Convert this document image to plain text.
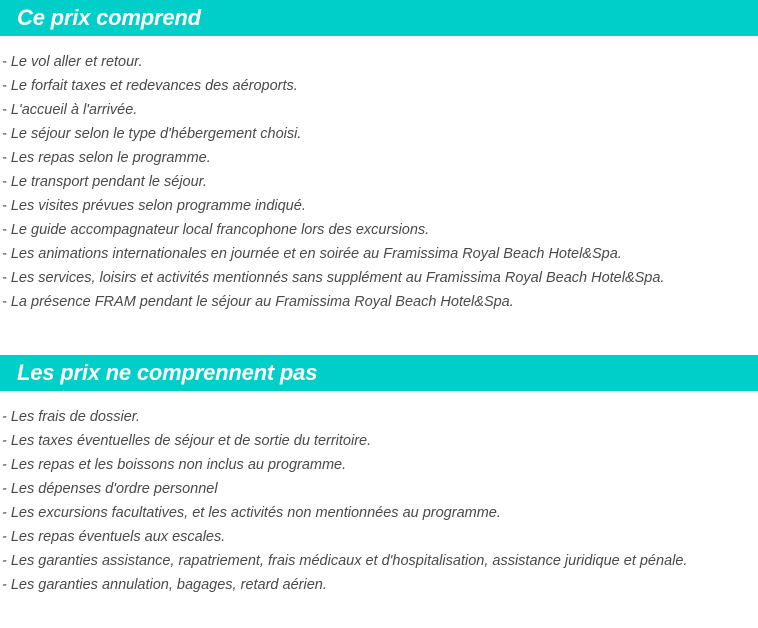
Ce prix comprend
- Le vol aller et retour.
- Le forfait taxes et redevances des aéroports.
- L'accueil à l'arrivée.
- Le séjour selon le type d'hébergement choisi.
- Les repas selon le programme.
- Le transport pendant le séjour.
- Les visites prévues selon programme indiqué.
- Le guide accompagnateur local francophone lors des excursions.
- Les animations internationales en journée et en soirée au Framissima Royal Beach Hotel&Spa.
- Les services, loisirs et activités mentionnés sans supplément au Framissima Royal Beach Hotel&Spa.
- La présence FRAM pendant le séjour au Framissima Royal Beach Hotel&Spa.
Les prix ne comprennent pas
- Les frais de dossier.
- Les taxes éventuelles de séjour et de sortie du territoire.
- Les repas et les boissons non inclus au programme.
- Les dépenses d'ordre personnel
- Les excursions facultatives, et les activités non mentionnées au programme.
- Les repas éventuels aux escales.
- Les garanties assistance, rapatriement, frais médicaux et d'hospitalisation, assistance juridique et pénale.
- Les garanties annulation, bagages, retard aérien.
